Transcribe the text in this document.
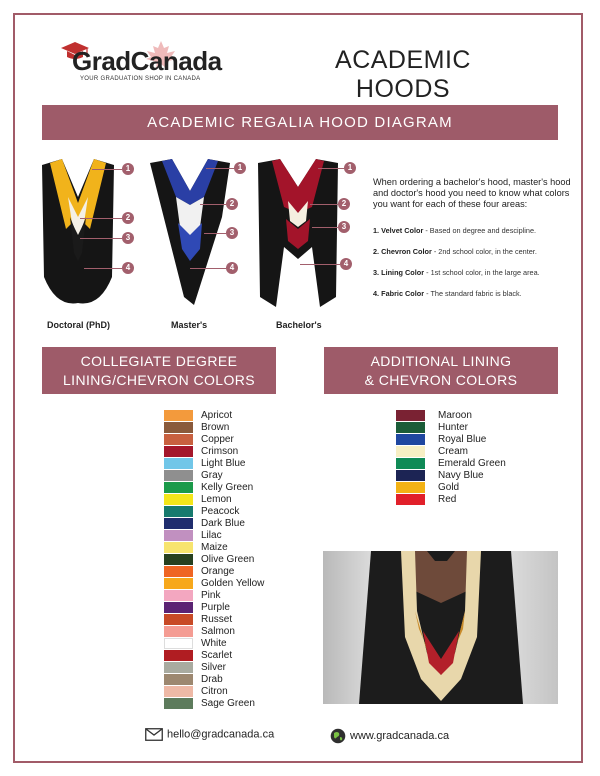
GradCanada
YOUR GRADUATION SHOP IN CANADA
ACADEMIC HOODS
ACADEMIC REGALIA HOOD DIAGRAM
1
2
3
4
1
2
3
4
1
2
3
4
Doctoral (PhD)	Master's	Bachelor's
When ordering a bachelor's hood, master's hood and doctor's hood you need to know what colors you want for each of these four areas:
1. Velvet Color - Based on degree and descipline.
2. Chevron Color - 2nd school color, in the center.
3. Lining Color - 1st school color, in the large area.
4. Fabric Color - The standard fabric is black.
COLLEGIATE DEGREE
LINING/CHEVRON COLORS
ADDITIONAL LINING
& CHEVRON COLORS
Apricot
Brown
Copper
Crimson
Light Blue
Gray
Kelly Green
Lemon
Peacock
Dark Blue
Lilac
Maize
Olive Green
Orange
Golden Yellow
Pink
Purple
Russet
Salmon
White
Scarlet
Silver
Drab
Citron
Sage Green
Maroon
Hunter
Royal Blue
Cream
Emerald Green
Navy Blue
Gold
Red
hello@gradcanada.ca	www.gradcanada.ca
